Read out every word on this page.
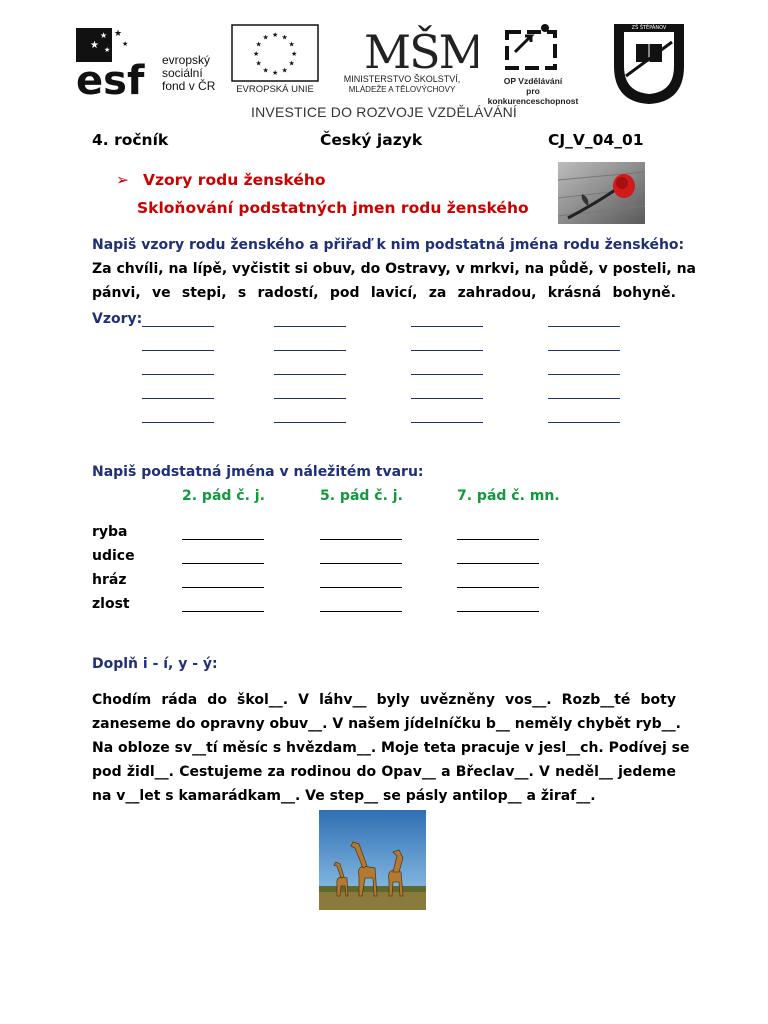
★
★
★
★
★
esf evropský
sociální
fond v ČR
★
★
★
★
★
★
★
★
★ ★ ★
★
EVROPSKÁ UNIE
MŠM
MINISTERSTVO ŠKOLSTVÍ,
MLÁDEŽE A TĚLOVÝCHOVY
OP Vzdělávání
pro konkurenceschopnost
ZŠ ŠTĚPÁNOV
INVESTICE DO ROZVOJE VZDĚLÁVÁNÍ
4. ročník	Český jazyk	CJ_V_04_01
➢ Vzory rodu ženského
Skloňování podstatných jmen rodu ženského
Napiš vzory rodu ženského a přiřaď k nim podstatná jména rodu ženského:
Za chvíli, na lípě, vyčistit si obuv, do Ostravy, v mrkvi, na půdě, v posteli, na
pánvi, ve stepi, s radostí, pod lavicí, za zahradou, krásná bohyně.
Vzory:
Napiš podstatná jména v náležitém tvaru:
2. pád č. j.	5. pád č. j.	7. pád č. mn.
ryba
udice
hráz
zlost
Doplň i - í, y - ý:
Chodím ráda do škol__. V láhv__ byly uvězněny vos__. Rozb__té boty
zaneseme do opravny obuv__. V našem jídelníčku b__ neměly chybět ryb__.
Na obloze sv__tí měsíc s hvězdam__. Moje teta pracuje v jesl__ch. Podívej se
pod židl__. Cestujeme za rodinou do Opav__ a Břeclav__. V neděl__ jedeme
na v__let s kamarádkam__. Ve step__ se pásly antilop__ a žiraf__.
